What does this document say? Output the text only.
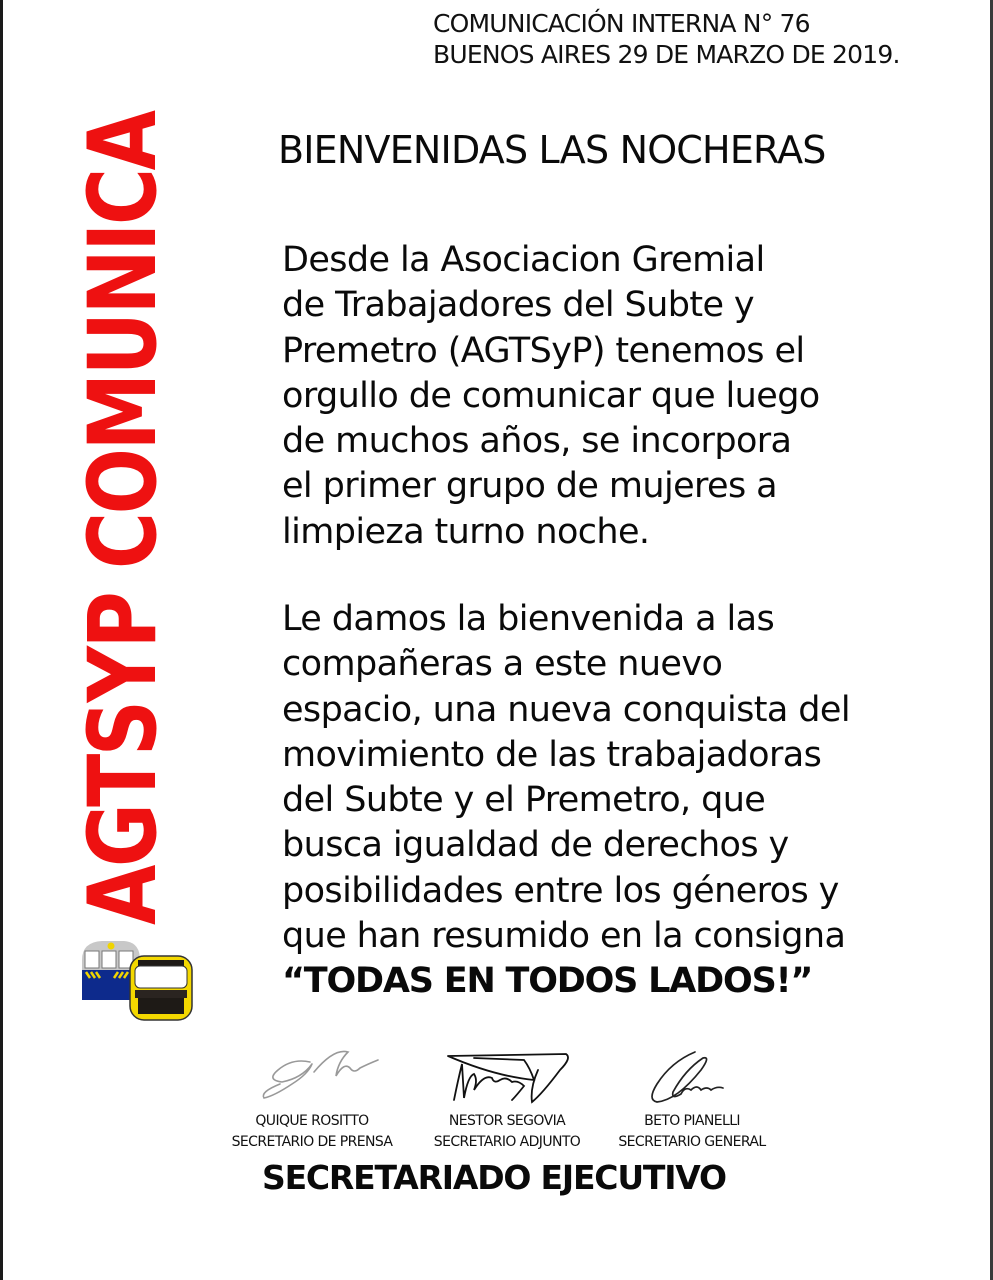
COMUNICACIÓN INTERNA N° 76
BUENOS AIRES 29 DE MARZO DE 2019.
AGTSYP COMUNICA	BIENVENIDAS LAS NOCHERAS
Desde la Asociacion Gremial
de Trabajadores del Subte y
Premetro (AGTSyP) tenemos el
orgullo de comunicar que luego
de muchos años, se incorpora
el primer grupo de mujeres a
limpieza turno noche.
Le damos la bienvenida a las
compañeras a este nuevo
espacio, una nueva conquista del
movimiento de las trabajadoras
del Subte y el Premetro, que
busca igualdad de derechos y
posibilidades entre los géneros y
que han resumido en la consigna
“TODAS EN TODOS LADOS!”
QUIQUE ROSITTO
SECRETARIO DE PRENSA
NESTOR SEGOVIA
SECRETARIO ADJUNTO
BETO PIANELLI
SECRETARIO GENERAL
SECRETARIADO EJECUTIVO
